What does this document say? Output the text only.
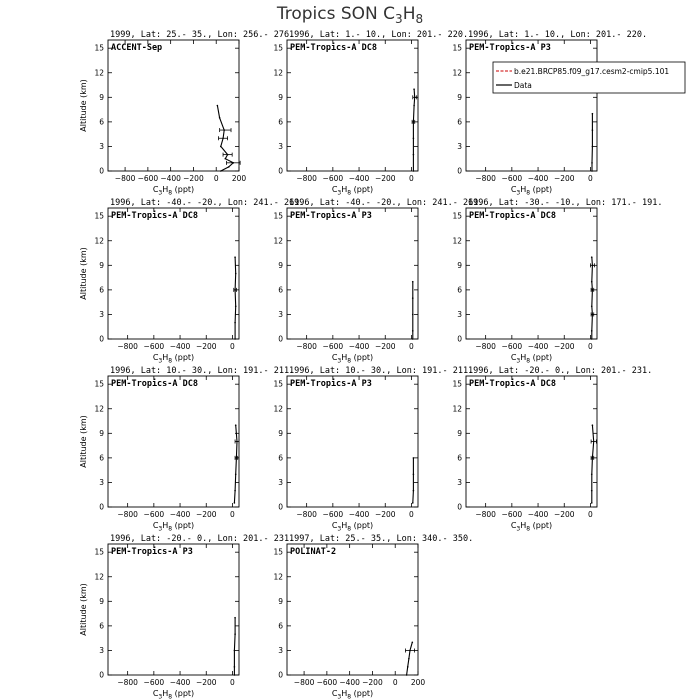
Tropics SON $C_3H_8$
1999, Lat: 25.- 35., Lon: 256.- 276.
ACCENT-Sep
0
3
6
9
12
15
−800 −600 −400 −200 0 200
$C_3H_8$ (ppt)
Altitude (km)
1996, Lat: 1.- 10., Lon: 201.- 220.
PEM-Tropics-A DC8
0
3
6
9
12
15
−800 −600 −400 −200 0
$C_3H_8$ (ppt)
1996, Lat: 1.- 10., Lon: 201.- 220.
PEM-Tropics-A P3
0
3
6
9
12
15
−800 −600 −400 −200 0
$C_3H_8$ (ppt)
1996, Lat: -40.- -20., Lon: 241.- 261.
PEM-Tropics-A DC8
0
3
6
9
12
15
−800 −600 −400 −200 0
$C_3H_8$ (ppt)
Altitude (km)
1996, Lat: -40.- -20., Lon: 241.- 261.
PEM-Tropics-A P3
0
3
6
9
12
15
−800 −600 −400 −200 0
$C_3H_8$ (ppt)
1996, Lat: -30.- -10., Lon: 171.- 191.
PEM-Tropics-A DC8
0
3
6
9
12
15
−800 −600 −400 −200 0
$C_3H_8$ (ppt)
1996, Lat: 10.- 30., Lon: 191.- 211.
PEM-Tropics-A DC8
0
3
6
9
12
15
−800 −600 −400 −200 0
$C_3H_8$ (ppt)
Altitude (km)
1996, Lat: 10.- 30., Lon: 191.- 211.
PEM-Tropics-A P3
0
3
6
9
12
15
−800 −600 −400 −200 0
$C_3H_8$ (ppt)
1996, Lat: -20.- 0., Lon: 201.- 231.
PEM-Tropics-A DC8
0
3
6
9
12
15
−800 −600 −400 −200 0
$C_3H_8$ (ppt)
1996, Lat: -20.- 0., Lon: 201.- 231.
PEM-Tropics-A P3
0
3
6
9
12
15
−800 −600 −400 −200 0
$C_3H_8$ (ppt)
Altitude (km)
1997, Lat: 25.- 35., Lon: 340.- 350.
POLINAT-2
0
3
6
9
12
15
−800 −600 −400 −200 0 200
$C_3H_8$ (ppt)
b.e21.BRCP85.f09_g17.cesm2-cmip5.101
Data
